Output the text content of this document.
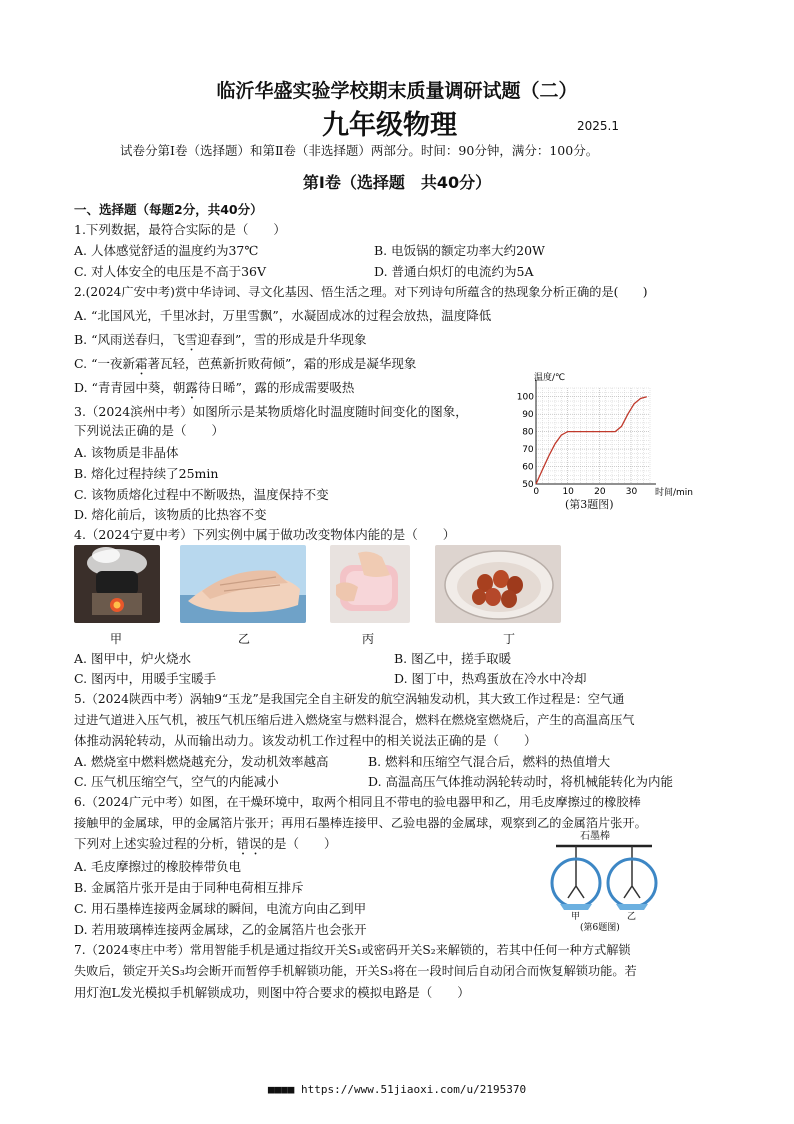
临沂华盛实验学校期末质量调研试题（二）
九年级物理	2025.1
试卷分第Ⅰ卷（选择题）和第Ⅱ卷（非选择题）两部分。时间：90分钟，满分：100分。
第Ⅰ卷（选择题　共40分）
一、选择题（每题2分，共40分）
1.下列数据，最符合实际的是（　　）
A. 人体感觉舒适的温度约为37℃	B. 电饭锅的额定功率大约20W
C. 对人体安全的电压是不高于36V	D. 普通白炽灯的电流约为5A
2.(2024广安中考)赏中华诗词、寻文化基因、悟生活之理。对下列诗句所蕴含的热现象分析正确的是(　　)
A. “北国风光，千里冰封，万里雪飘”，水凝固成冰的过程会放热，温度降低
B. “风雨送春归，飞雪迎春到”，雪的形成是升华现象
C. “一夜新霜著瓦轻，芭蕉新折败荷倾”，霜的形成是凝华现象
D. “青青园中葵，朝露待日晞”，露的形成需要吸热
3.（2024滨州中考）如图所示是某物质熔化时温度随时间变化的图象，
下列说法正确的是（　　）
A. 该物质是非晶体
B. 熔化过程持续了25min
C. 该物质熔化过程中不断吸热，温度保持不变
D. 熔化前后，该物质的比热容不变
0	10 20 30
50
60
70
80
90
100
温度/℃
时间/min
(第3题图)
4.（2024宁夏中考）下列实例中属于做功改变物体内能的是（　　）
甲	乙	丙	丁
A. 图甲中，炉火烧水	B. 图乙中，搓手取暖
C. 图丙中，用暖手宝暖手	D. 图丁中，热鸡蛋放在冷水中冷却
5.（2024陕西中考）涡轴9“玉龙”是我国完全自主研发的航空涡轴发动机，其大致工作过程是：空气通
过进气道进入压气机，被压气机压缩后进入燃烧室与燃料混合，燃料在燃烧室燃烧后，产生的高温高压气
体推动涡轮转动，从而输出动力。该发动机工作过程中的相关说法正确的是（　　）
A. 燃烧室中燃料燃烧越充分，发动机效率越高	B. 燃料和压缩空气混合后，燃料的热值增大
C. 压气机压缩空气，空气的内能减小	D. 高温高压气体推动涡轮转动时，将机械能转化为内能
6.（2024广元中考）如图，在干燥环境中，取两个相同且不带电的验电器甲和乙，用毛皮摩擦过的橡胶棒
接触甲的金属球，甲的金属箔片张开；再用石墨棒连接甲、乙验电器的金属球，观察到乙的金属箔片张开。
下列对上述实验过程的分析，错误的是（　　）
A. 毛皮摩擦过的橡胶棒带负电
B. 金属箔片张开是由于同种电荷相互排斥
C. 用石墨棒连接两金属球的瞬间，电流方向由乙到甲
D. 若用玻璃棒连接两金属球，乙的金属箔片也会张开
石墨棒
甲	乙
(第6题图)
7.（2024枣庄中考）常用智能手机是通过指纹开关S₁或密码开关S₂来解锁的，若其中任何一种方式解锁
失败后，锁定开关S₃均会断开而暂停手机解锁功能，开关S₃将在一段时间后自动闭合而恢复解锁功能。若
用灯泡L发光模拟手机解锁成功，则图中符合要求的模拟电路是（　　）
■■■■ https://www.51jiaoxi.com/u/2195370
